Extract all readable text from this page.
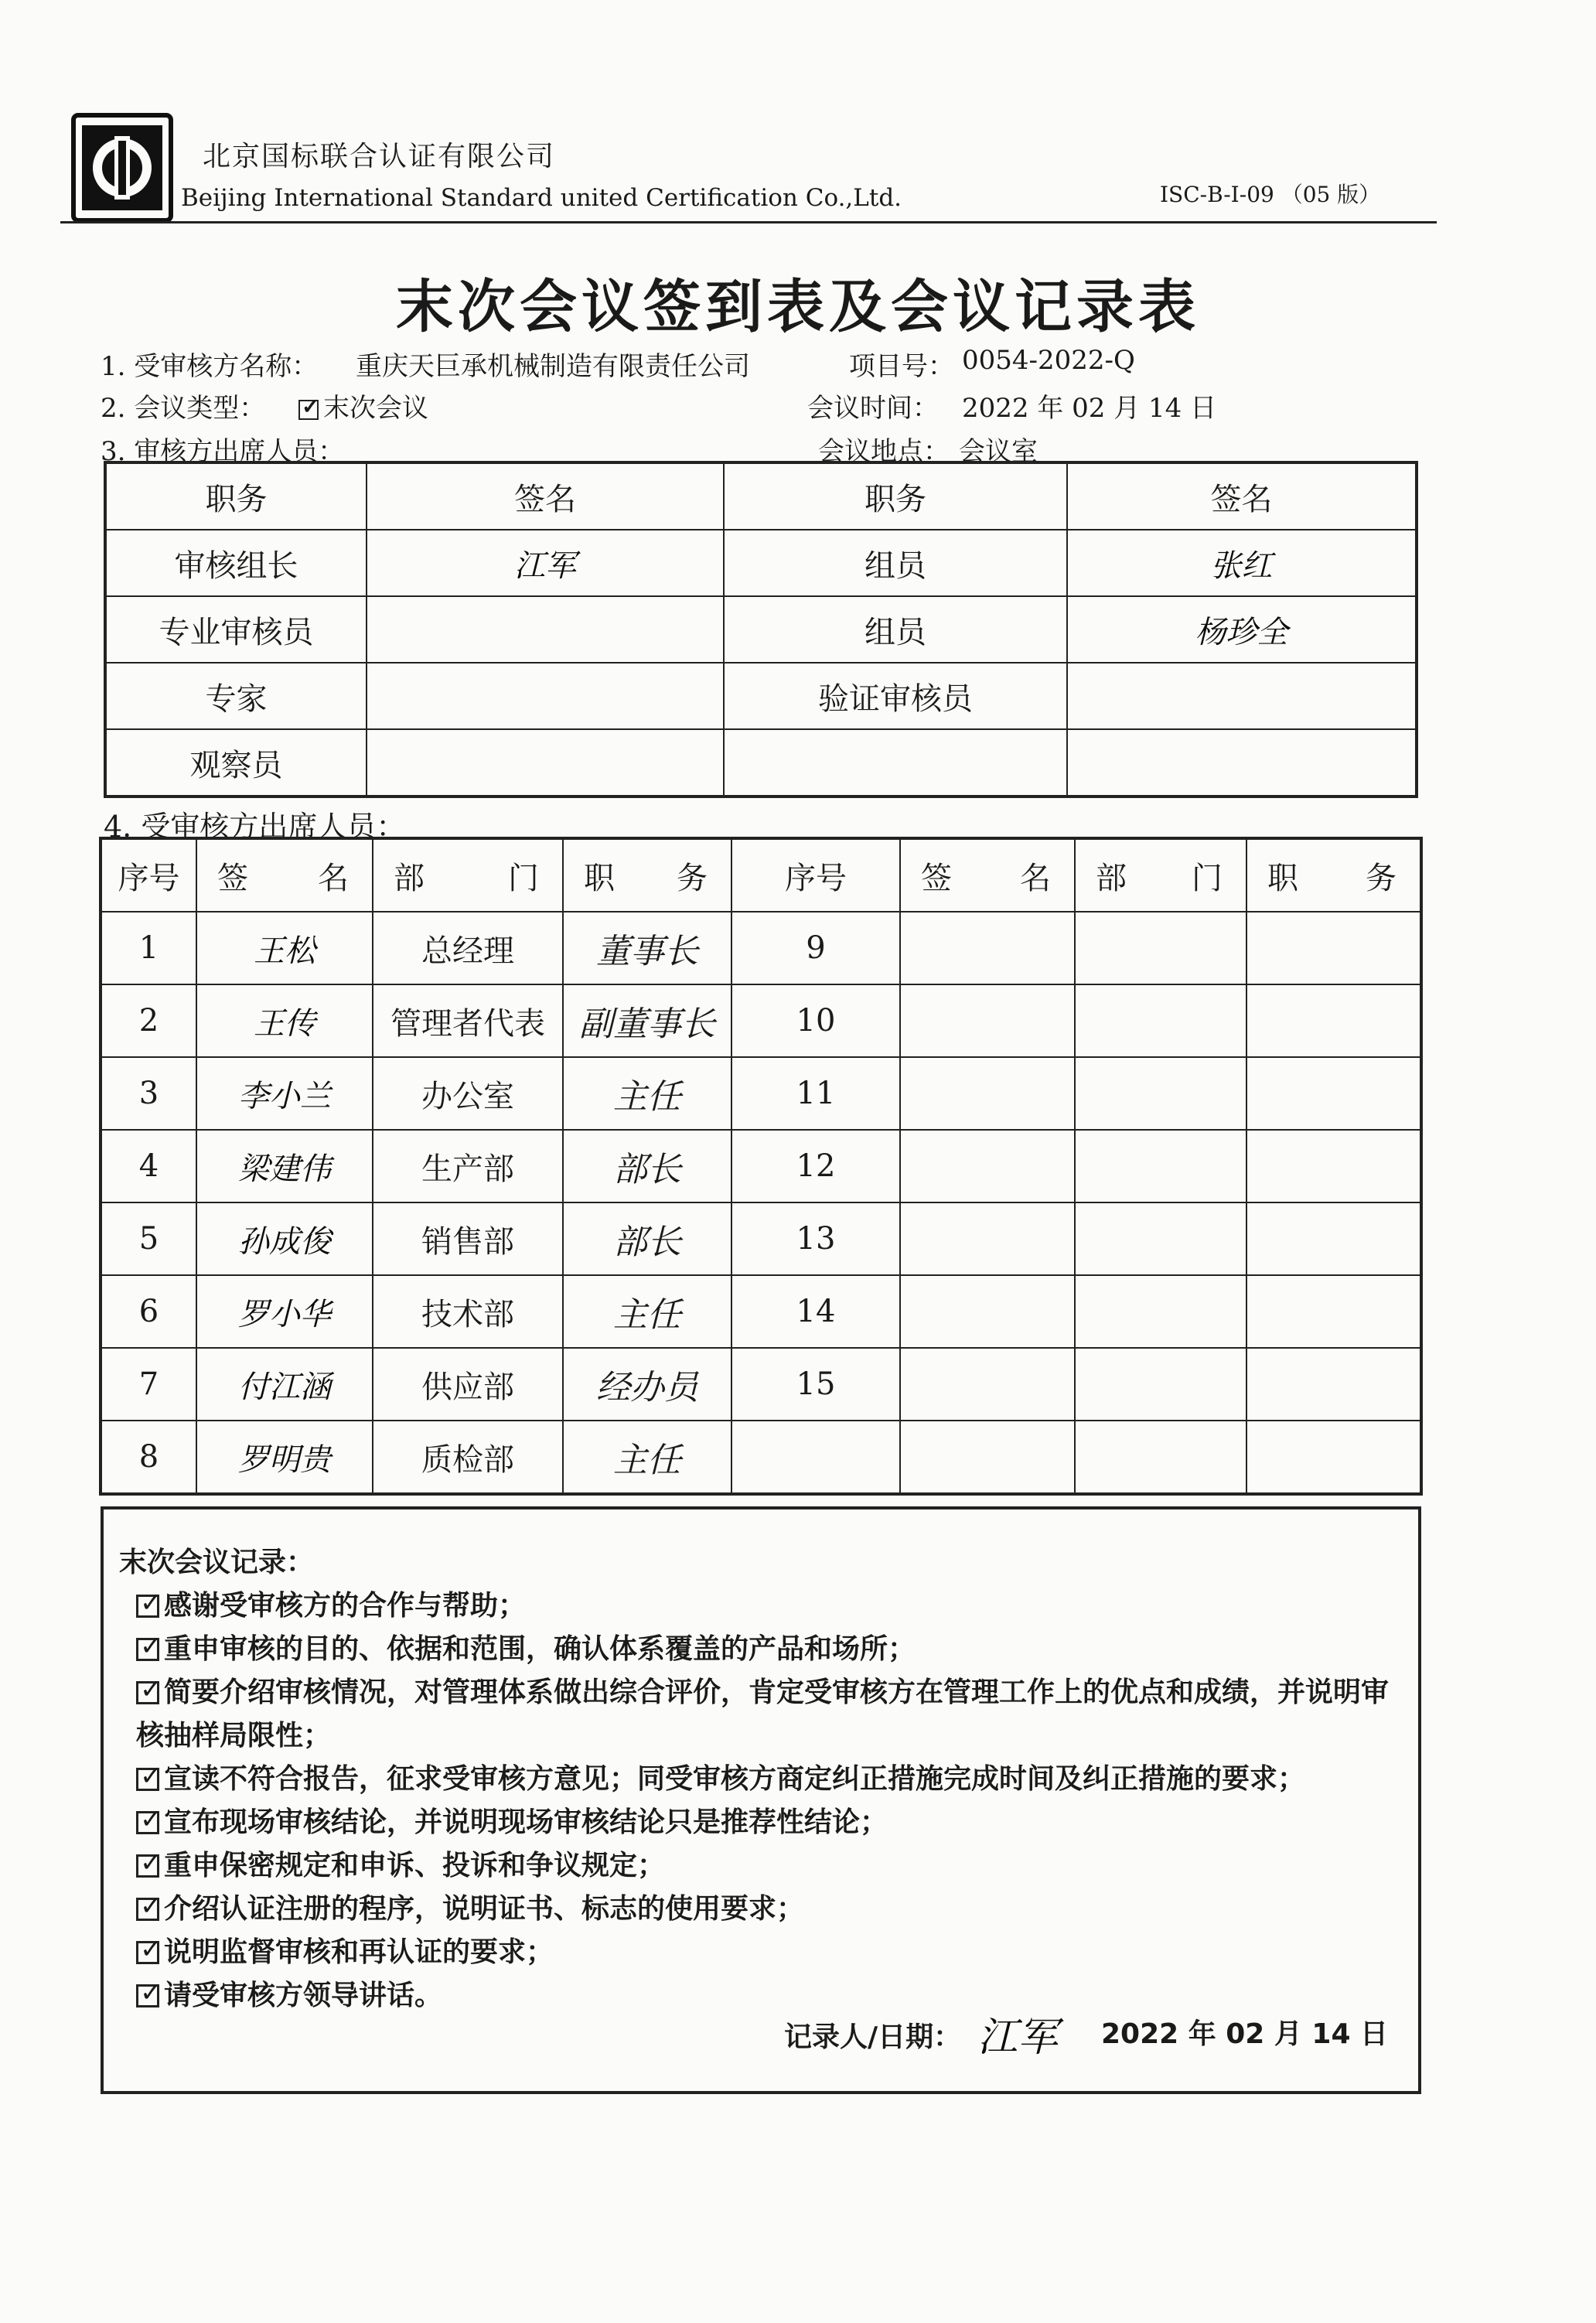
北京国标联合认证有限公司
Beijing International Standard united Certification Co.,Ltd.	ISC-B-I-09 （05 版）
末次会议签到表及会议记录表
1. 受审核方名称： 重庆天巨承机械制造有限责任公司	项目号： 0054-2022-Q
2. 会议类型： ✓	末次会议	会议时间： 2022 年 02 月 14 日
3. 审核方出席人员：	会议地点： 会议室
职务	签名	职务	签名
审核组长	江军	组员	张红
专业审核员		组员	杨珍全
专家		验证审核员	
观察员			
4. 受审核方出席人员：
序号	签 名	部 门	职 务	序号	签 名	部 门	职 务

1	王松	总经理	董事长	9			
2	王传	管理者代表	副董事长	10			
3	李小兰	办公室	主任	11			
4	梁建伟	生产部	部长	12			
5	孙成俊	销售部	部长	13			
6	罗小华	技术部	主任	14			
7	付江涵	供应部	经办员	15			
8	罗明贵	质检部	主任				
末次会议记录：
✓感谢受审核方的合作与帮助；
✓重申审核的目的、依据和范围，确认体系覆盖的产品和场所；
✓简要介绍审核情况，对管理体系做出综合评价，肯定受审核方在管理工作上的优点和成绩，并说明审
核抽样局限性；
✓宣读不符合报告，征求受审核方意见；同受审核方商定纠正措施完成时间及纠正措施的要求；
✓宣布现场审核结论，并说明现场审核结论只是推荐性结论；
✓重申保密规定和申诉、投诉和争议规定；
✓介绍认证注册的程序，说明证书、标志的使用要求；
✓说明监督审核和再认证的要求；
✓请受审核方领导讲话。
记录人/日期： 江军 2022 年 02 月 14 日
